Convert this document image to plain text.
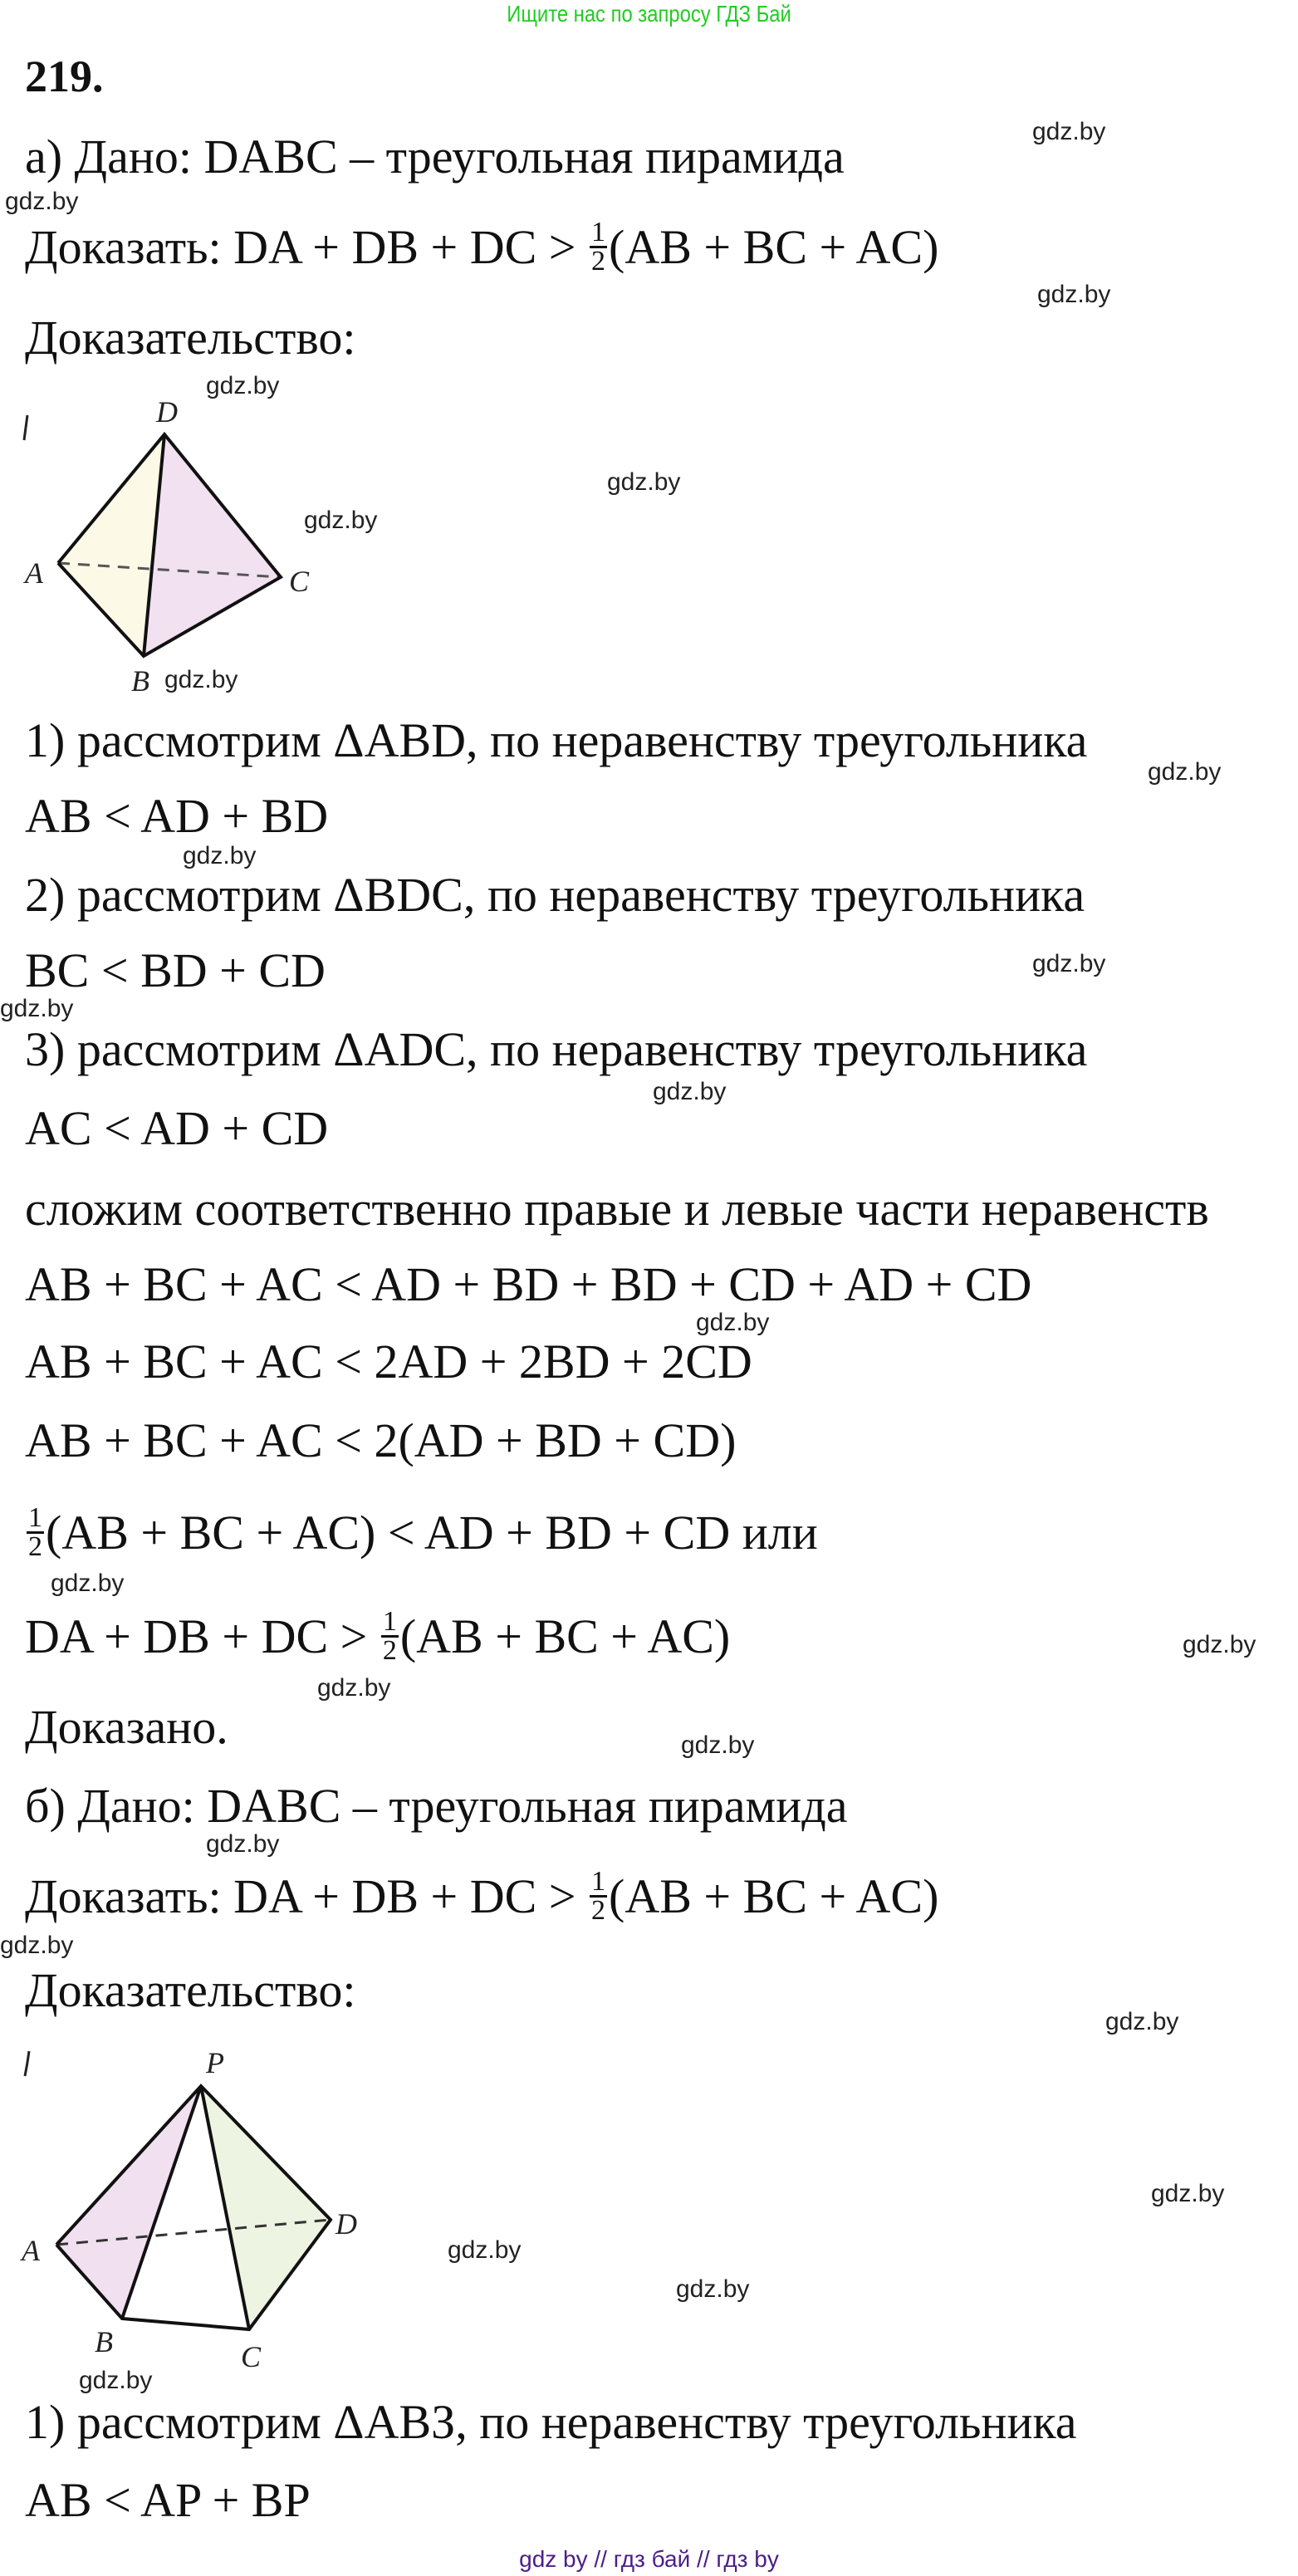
Ищите нас по запросу ГДЗ Бай
219.
а) Дано: DABC – треугольная пирамида
Доказать: DA + DB + DC > $\frac{1}{2} (AB$ + BC + AC)
Доказательство:
D
A	C
B
1) рассмотрим ΔABD, по неравенству треугольника
AB < AD + BD
2) рассмотрим ΔBDC, по неравенству треугольника
BC < BD + CD
3) рассмотрим ΔADC, по неравенству треугольника
AC < AD + CD
сложим соответственно правые и левые части неравенств
AB + BC + AC < AD + BD + BD + CD + AD + CD
AB + BC + AC < 2AD + 2BD + 2CD
AB + BC + AC < 2(AD + BD + CD)
$\frac{1}{2} (AB$ + BC + AC) < AD + BD + CD или
DA + DB + DC > $\frac{1}{2} (AB$ + BC + AC)
Доказано.
б) Дано: DABC – треугольная пирамида
Доказать: DA + DB + DC > $\frac{1}{2} (AB$ + BC + AC)
Доказательство:
P
A
D
B	C
1) рассмотрим ΔАВЗ, по неравенству треугольника
AB < AP + BP
gdz.by
gdz.by
gdz.by
gdz.by
gdz.by
gdz.by
gdz.by
gdz.by
gdz.by
gdz.by
gdz.by
gdz.by
gdz.by
gdz.by
gdz.by
gdz.by
gdz.by
gdz.by
gdz.by
gdz.by
gdz.by
gdz.by
gdz.by
gdz.by
gdz by // гдз бай // гдз by
